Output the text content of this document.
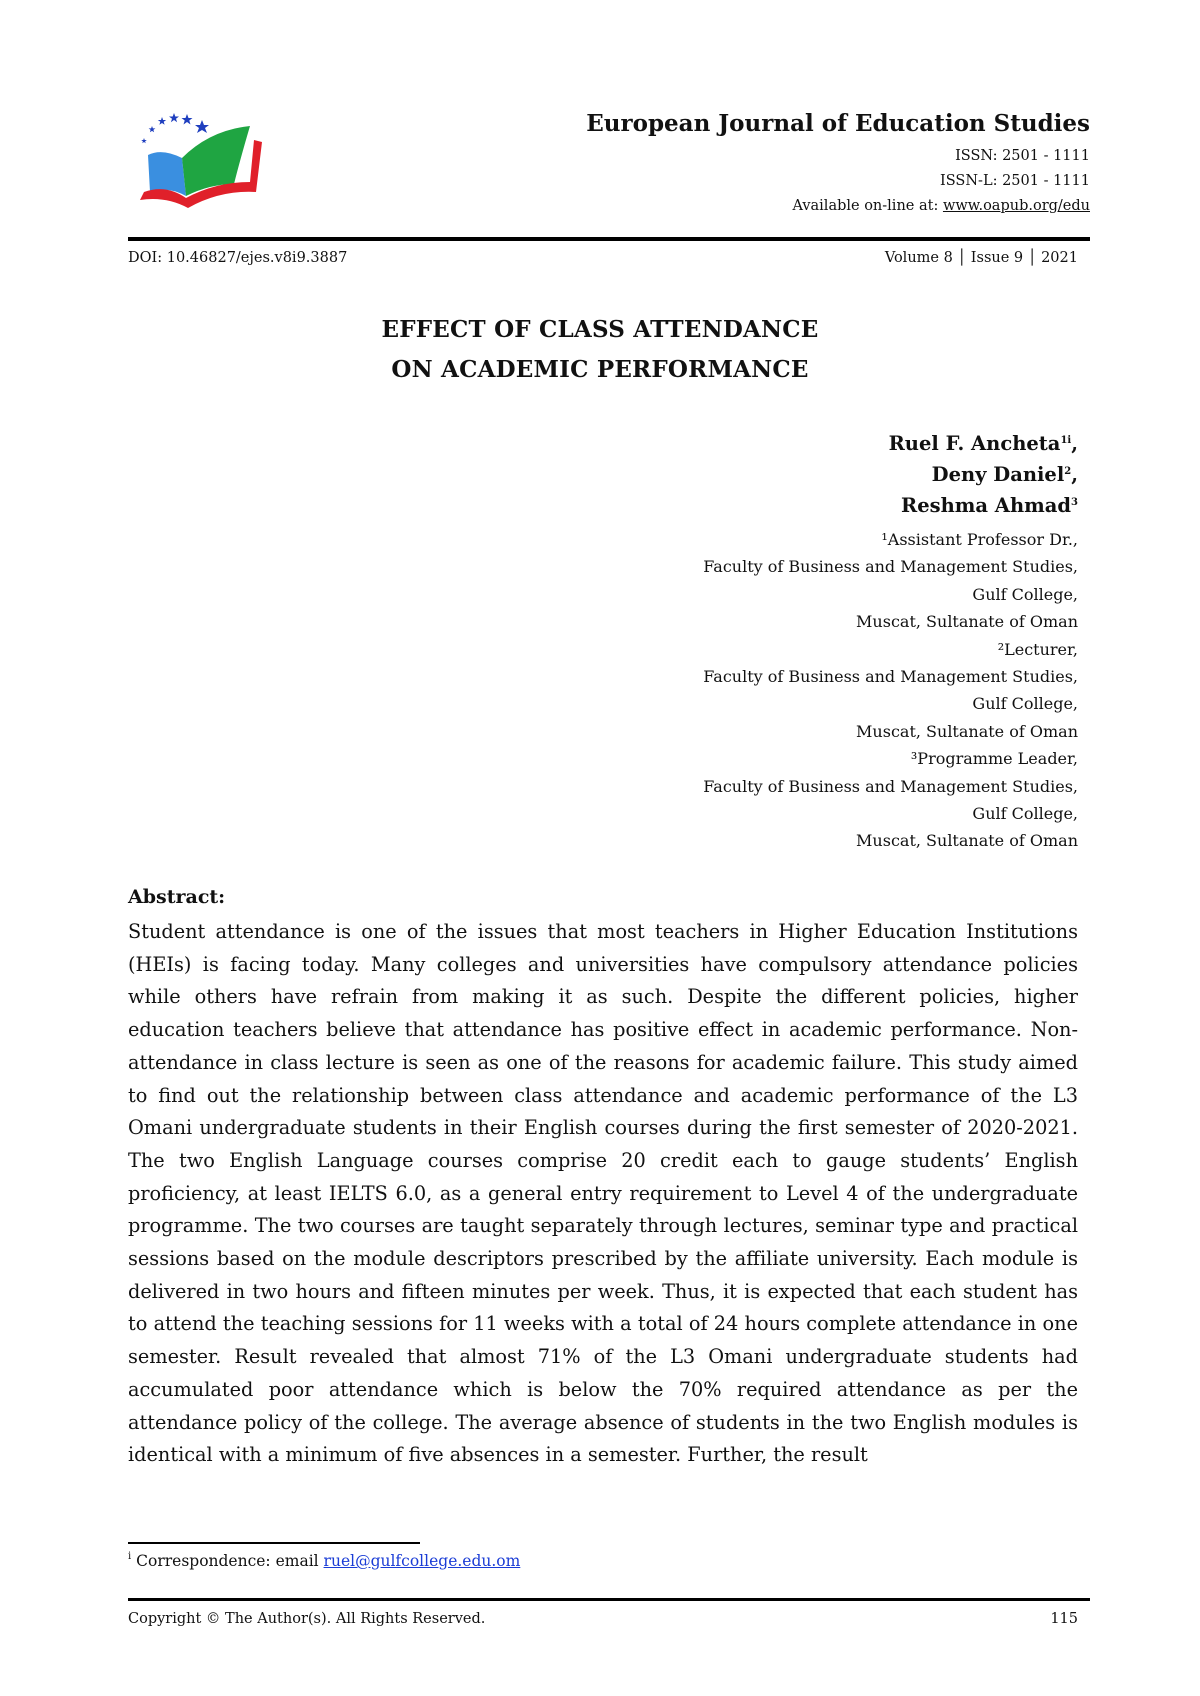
European Journal of Education Studies
ISSN: 2501 - 1111
ISSN-L: 2501 - 1111
Available on-line at: www.oapub.org/edu
DOI: 10.46827/ejes.v8i9.3887	Volume 8 │ Issue 9 │ 2021
EFFECT OF CLASS ATTENDANCE
ON ACADEMIC PERFORMANCE
Ruel F. Ancheta$^{1i}$,
Deny Daniel$^2$,
Reshma Ahmad$^3$
¹Assistant Professor Dr.,
Faculty of Business and Management Studies,
Gulf College,
Muscat, Sultanate of Oman
²Lecturer,
Faculty of Business and Management Studies,
Gulf College,
Muscat, Sultanate of Oman
³Programme Leader,
Faculty of Business and Management Studies,
Gulf College,
Muscat, Sultanate of Oman
Abstract:
Student attendance is one of the issues that most teachers in Higher Education Institutions (HEIs) is facing today. Many colleges and universities have compulsory attendance policies while others have refrain from making it as such. Despite the different policies, higher education teachers believe that attendance has positive effect in academic performance. Non-attendance in class lecture is seen as one of the reasons for academic failure. This study aimed to find out the relationship between class attendance and academic performance of the L3 Omani undergraduate students in their English courses during the first semester of 2020-2021. The two English Language courses comprise 20 credit each to gauge students’ English proficiency, at least IELTS 6.0, as a general entry requirement to Level 4 of the undergraduate programme. The two courses are taught separately through lectures, seminar type and practical sessions based on the module descriptors prescribed by the affiliate university. Each module is delivered in two hours and fifteen minutes per week. Thus, it is expected that each student has to attend the teaching sessions for 11 weeks with a total of 24 hours complete attendance in one semester. Result revealed that almost 71% of the L3 Omani undergraduate students had accumulated poor attendance which is below the 70% required attendance as per the attendance policy of the college. The average absence of students in the two English modules is identical with a minimum of five absences in a semester. Further, the result
$^i$ Correspondence: email ruel@gulfcollege.edu.om
Copyright © The Author(s). All Rights Reserved.	115
